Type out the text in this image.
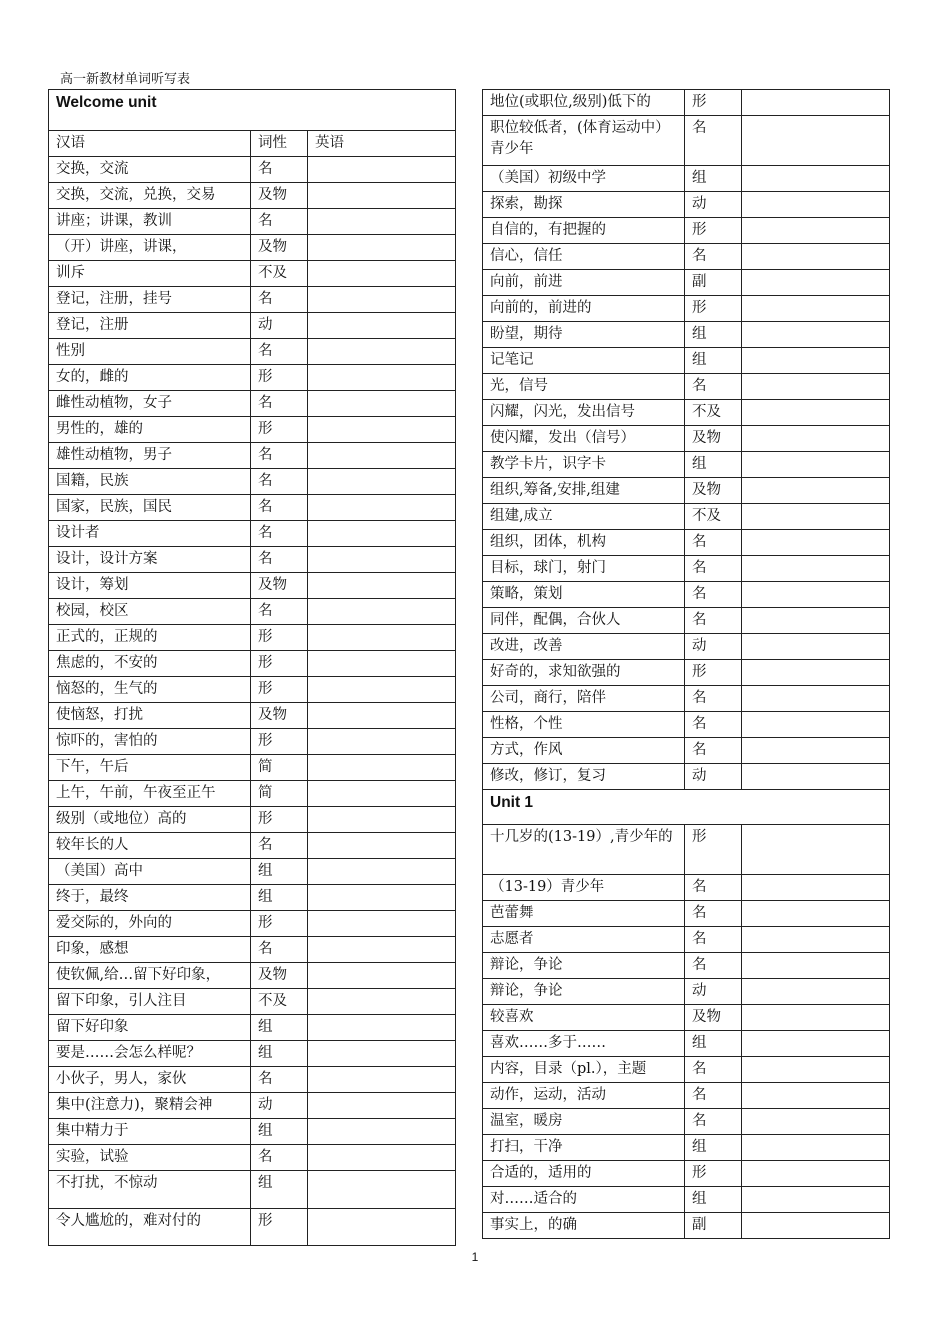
高一新教材单词听写表
Welcome unit		
汉语	词性	英语
交换，交流	名	
交换，交流，兑换，交易	及物	
讲座；讲课，教训	名	
（开）讲座，讲课，	及物	
训斥	不及	
登记，注册，挂号	名	
登记，注册	动	
性别	名	
女的，雌的	形	
雌性动植物，女子	名	
男性的，雄的	形	
雄性动植物，男子	名	
国籍，民族	名	
国家，民族，国民	名	
设计者	名	
设计，设计方案	名	
设计，筹划	及物	
校园，校区	名	
正式的，正规的	形	
焦虑的，不安的	形	
恼怒的，生气的	形	
使恼怒，打扰	及物	
惊吓的，害怕的	形	
下午，午后	简	
上午，午前，午夜至正午	简	
级别（或地位）高的	形	
较年长的人	名	
（美国）高中	组	
终于，最终	组	
爱交际的，外向的	形	
印象，感想	名	
使钦佩,给…留下好印象，	及物	
留下印象，引人注目	不及	
留下好印象	组	
要是……会怎么样呢？	组	
小伙子，男人，家伙	名	
集中(注意力)，聚精会神	动	
集中精力于	组	
实验，试验	名	
不打扰，不惊动	组	
令人尴尬的，难对付的	形	
地位(或职位,级别)低下的	形	
职位较低者，(体育运动中）青少年	名	
（美国）初级中学	组	
探索，勘探	动	
自信的，有把握的	形	
信心，信任	名	
向前，前进	副	
向前的，前进的	形	
盼望，期待	组	
记笔记	组	
光，信号	名	
闪耀，闪光，发出信号	不及	
使闪耀，发出（信号）	及物	
教学卡片，识字卡	组	
组织,筹备,安排,组建	及物	
组建,成立	不及	
组织，团体，机构	名	
目标，球门，射门	名	
策略，策划	名	
同伴，配偶，合伙人	名	
改进，改善	动	
好奇的，求知欲强的	形	
公司，商行，陪伴	名	
性格，个性	名	
方式，作风	名	
修改，修订，复习	动	
Unit 1		
十几岁的(13-19）,青少年的	形	
（13-19）青少年	名	
芭蕾舞	名	
志愿者	名	
辩论，争论	名	
辩论，争论	动	
较喜欢	及物	
喜欢……多于……	组	
内容，目录（pl.），主题	名	
动作，运动，活动	名	
温室，暖房	名	
打扫，干净	组	
合适的，适用的	形	
对……适合的	组	
事实上，的确	副	
1
